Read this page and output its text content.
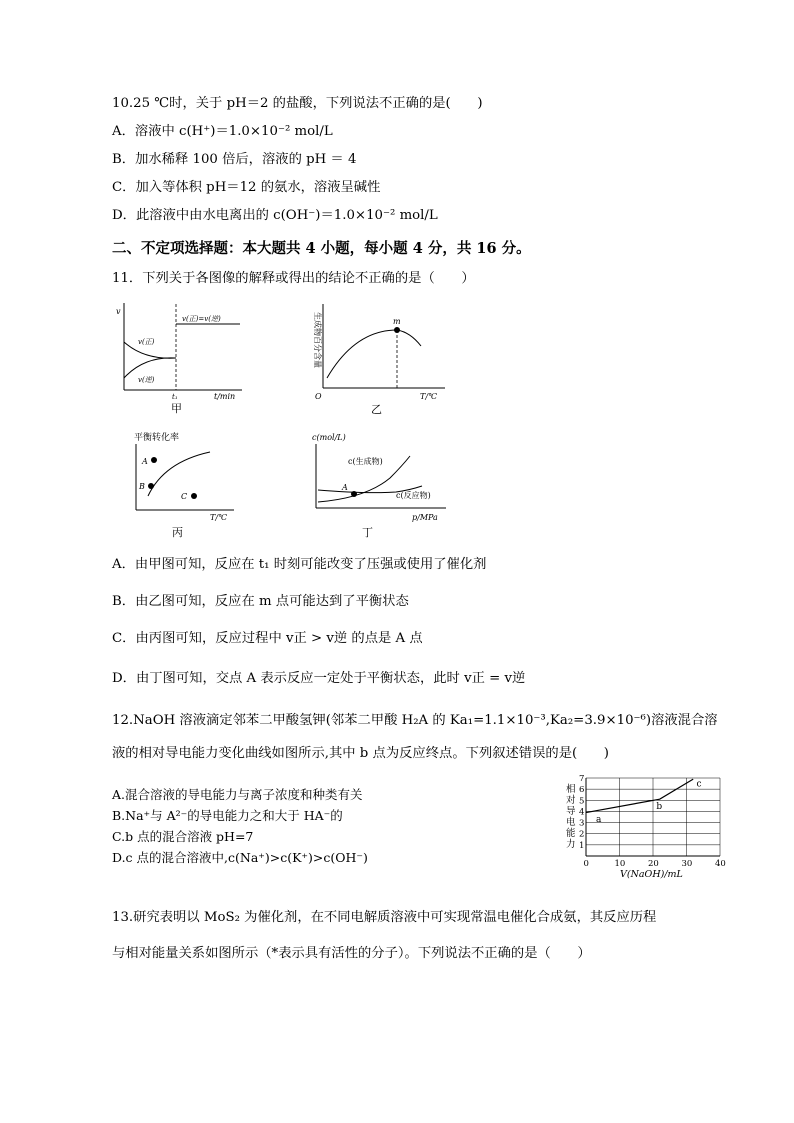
10.25 ℃时，关于 pH＝2 的盐酸，下列说法不正确的是(　　)
A．溶液中 c(H⁺)＝1.0×10⁻² mol/L
B．加水稀释 100 倍后，溶液的 pH ＝ 4
C．加入等体积 pH＝12 的氨水，溶液呈碱性
D．此溶液中由水电离出的 c(OH⁻)＝1.0×10⁻² mol/L
二、不定项选择题：本大题共 4 小题，每小题 4 分，共 16 分。
11．下列关于各图像的解释或得出的结论不正确的是（　　）
v
v(正)=v(逆)
v(正)
v(逆)
t₁	t/min
甲
生成物百分含量	m
O	T/℃
乙
平衡转化率
A
B
C
T/℃
丙
c(mol/L)
A
c(生成物)
c(反应物)
p/MPa
丁
A．由甲图可知，反应在 t₁ 时刻可能改变了压强或使用了催化剂
B．由乙图可知，反应在 m 点可能达到了平衡状态
C．由丙图可知，反应过程中 v正 > v逆 的点是 A 点
D．由丁图可知，交点 A 表示反应一定处于平衡状态，此时 v正 = v逆
12.NaOH 溶液滴定邻苯二甲酸氢钾(邻苯二甲酸 H₂A 的 Ka₁=1.1×10⁻³,Ka₂=3.9×10⁻⁶)溶液混合溶
液的相对导电能力变化曲线如图所示,其中 b 点为反应终点。下列叙述错误的是(　　)
A.混合溶液的导电能力与离子浓度和种类有关
B.Na⁺与 A²⁻的导电能力之和大于 HA⁻的
C.b 点的混合溶液 pH=7
D.c 点的混合溶液中,c(Na⁺)>c(K⁺)>c(OH⁻)
相对导电能力 1
2
3
4
5
6
7
0	10	20	30	40
a
b
c
V(NaOH)/mL
13.研究表明以 MoS₂ 为催化剂，在不同电解质溶液中可实现常温电催化合成氨，其反应历程
与相对能量关系如图所示（*表示具有活性的分子）。下列说法不正确的是（　　）
